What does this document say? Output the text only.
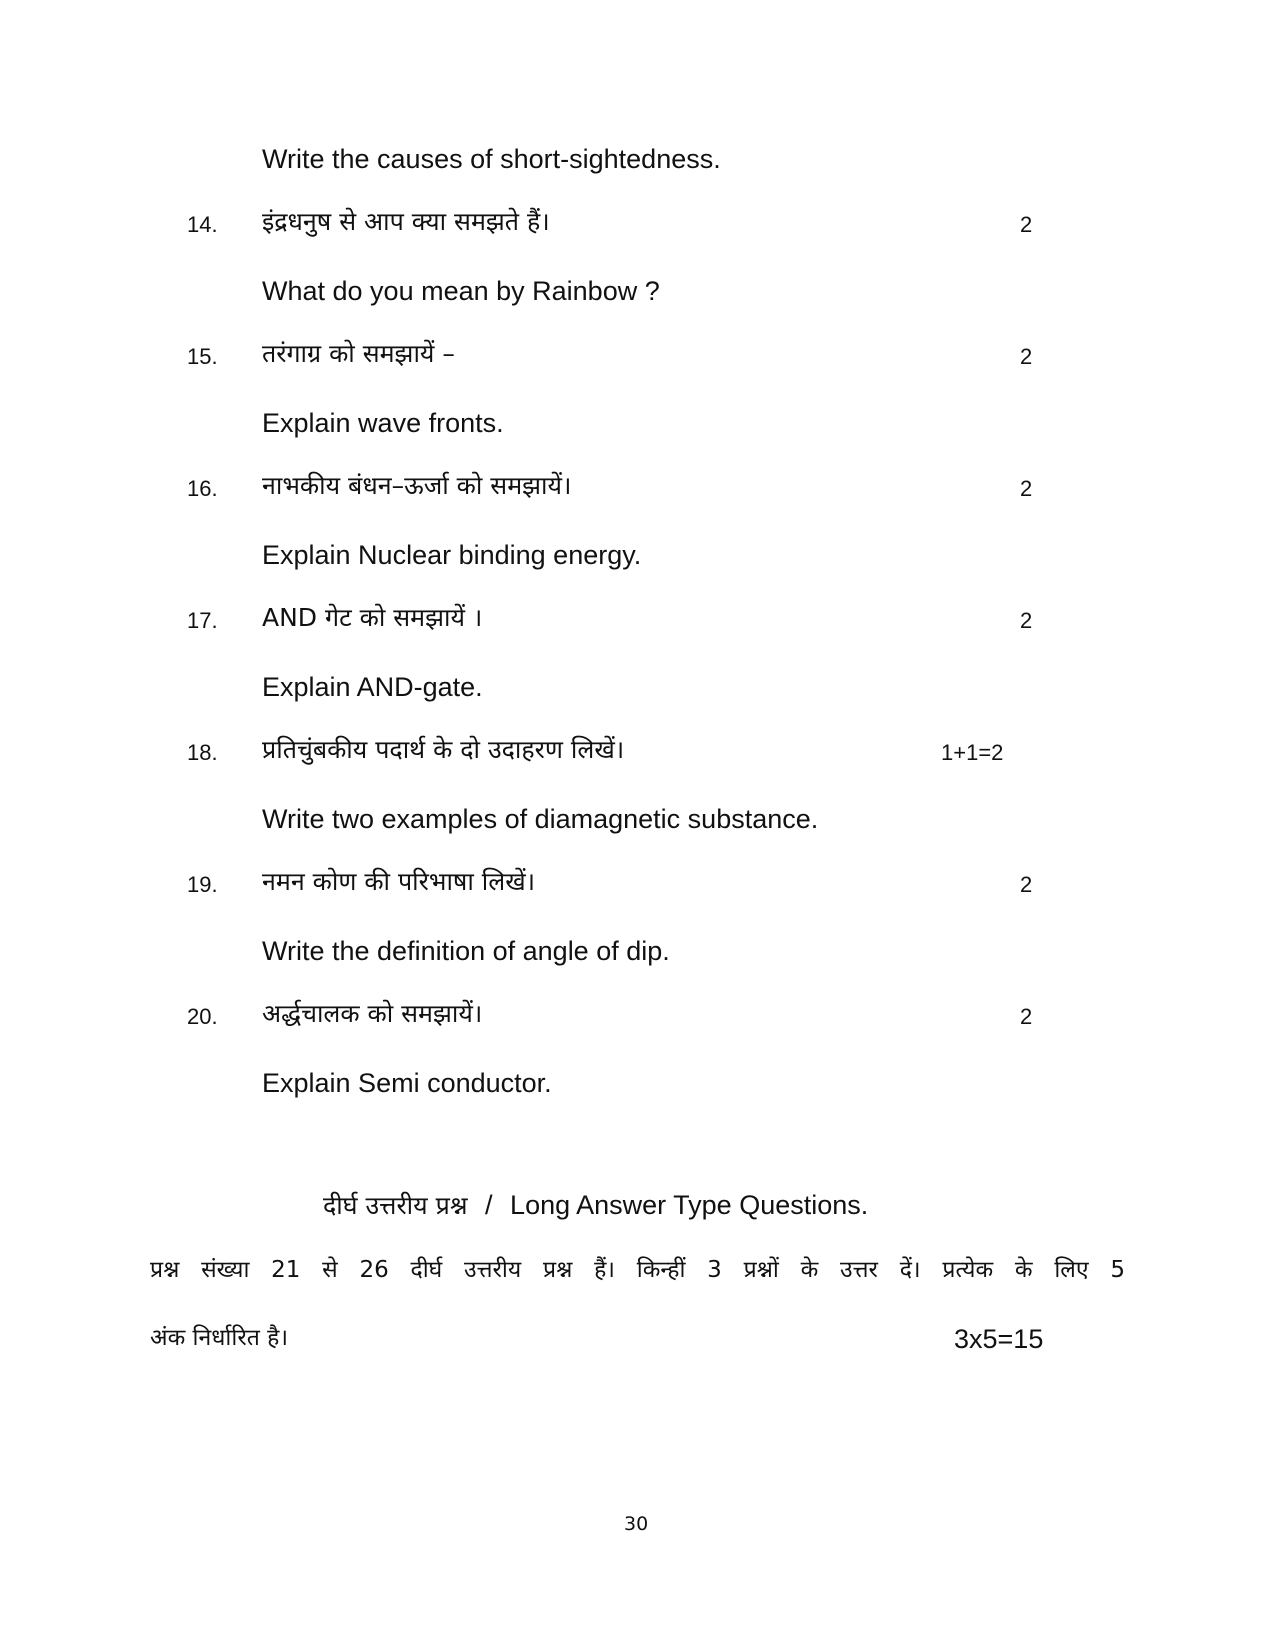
Write the causes of short-sightedness.
14. इंद्रधनुष से आप क्या समझते हैं।	2
What do you mean by Rainbow ?
15. तरंगाग्र को समझायें –	2
Explain wave fronts.
16. नाभकीय बंधन–ऊर्जा को समझायें।	2
Explain Nuclear binding energy.
17. AND गेट को समझायें ।	2
Explain AND-gate.
18. प्रतिचुंबकीय पदार्थ के दो उदाहरण लिखें।	1+1=2
Write two examples of diamagnetic substance.
19. नमन कोण की परिभाषा लिखें।	2
Write the definition of angle of dip.
20. अर्द्धचालक को समझायें।	2
Explain Semi conductor.
दीर्घ उत्तरीय प्रश्न / Long Answer Type Questions.
प्रश्न संख्या 21 से 26 दीर्घ उत्तरीय प्रश्न हैं। किन्हीं 3 प्रश्नों के उत्तर दें। प्रत्येक के लिए 5
अंक निर्धारित है।	3x5=15
30
